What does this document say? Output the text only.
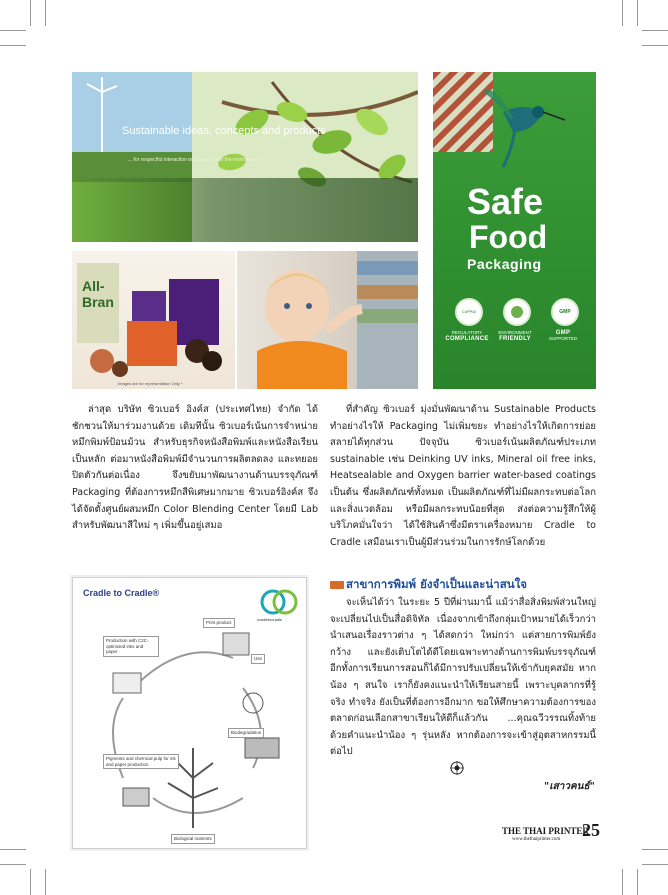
Sustainable ideas, concepts and products
... for respectful interaction with people and the environment
All-
Bran
Images are for representation Only *
CoPPIA	GMP
REGULATORY
COMPLIANCE
ENVIRONMENT
FRIENDLY
GMP
SUPPORTED
Safe
Food
Packaging
ล่าสุด บริษัท ซิวเบอร์ อิงค์ส (ประเทศไทย) จำกัด ได้ชักชวนให้มาร่วมงานด้วย เดิมทีนั้น ซิวเบอร์เน้นการจำหน่ายหมึกพิมพ์ป้อนม้วน สำหรับธุรกิจหนังสือพิมพ์และหนังสือเรียนเป็นหลัก ต่อมาหนังสือพิมพ์มีจำนวนการผลิตลดลง และทยอยปิดตัวกันต่อเนื่อง จึงขยับมาพัฒนางานด้านบรรจุภัณฑ์ Packaging ที่ต้องการหมึกสีพิเศษมากมาย ซิวเบอร์อิงค์ส จึงได้จัดตั้งศูนย์ผสมหมึก Color Blending Center โดยมี Lab สำหรับพัฒนาสีใหม่ ๆ เพิ่มขึ้นอยู่เสมอ
ที่สำคัญ ซิวเบอร์ มุ่งมั่นพัฒนาด้าน Sustainable Products ทำอย่างไรให้ Packaging ไม่เพิ่มขยะ ทำอย่างไรให้เกิดการย่อยสลายได้ทุกส่วน ปัจจุบัน ซิวเบอร์เน้นผลิตภัณฑ์ประเภท sustainable เช่น Deinking UV inks, Mineral oil free inks, Heatsealable and Oxygen barrier water-based coatings เป็นต้น ซึ่งผลิตภัณฑ์ทั้งหมด เป็นผลิตภัณฑ์ที่ไม่มีผลกระทบต่อโลกและสิ่งแวดล้อม หรือมีผลกระทบน้อยที่สุด ส่งต่อความรู้สึกให้ผู้บริโภคมั่นใจว่า ได้ใช้สินค้าซึ่งมีตราเครื่องหมาย Cradle to Cradle เสมือนเราเป็นผู้มีส่วนร่วมในการรักษ์โลกด้วย
สาขาการพิมพ์ ยังจำเป็นและน่าสนใจ
จะเห็นได้ว่า ในระยะ 5 ปีที่ผ่านมานี้ แม้ว่าสื่อสิ่งพิมพ์ส่วนใหญ่จะเปลี่ยนไปเป็นสื่อดิจิทัล เนื่องจากเข้าถึงกลุ่มเป้าหมายได้เร็วกว่า นำเสนอเรื่องราวต่าง ๆ ได้สดกว่า ใหม่กว่า แต่สายการพิมพ์ยังกว้าง และยังเติบโตได้ดีโดยเฉพาะทางด้านการพิมพ์บรรจุภัณฑ์ อีกทั้งการเรียนการสอนก็ได้มีการปรับเปลี่ยนให้เข้ากับยุคสมัย หากน้อง ๆ สนใจ เราก็ยังคงแนะนำให้เรียนสายนี้ เพราะบุคลากรที่รู้จริง ทำจริง ยังเป็นที่ต้องการอีกมาก ขอให้ศึกษาความต้องการของตลาดก่อนเลือกสาขาเรียนให้ดีก็แล้วกัน ...คุณฉวีวรรณทิ้งท้ายด้วยคำแนะนำน้อง ๆ รุ่นหลัง หากต้องการจะเข้าสู่อุตสาหกรรมนี้ต่อไป
"เสาวคนธ์"
Cradle to Cradle®
cradletocradle
Print product
Production with C2C-optimised inks and paper
Use
Pigments and chemical pulp for ink and paper production
Biodegradation
Biological nutrients
THE THAI PRINTER
www.thethaiprinter.com 25
